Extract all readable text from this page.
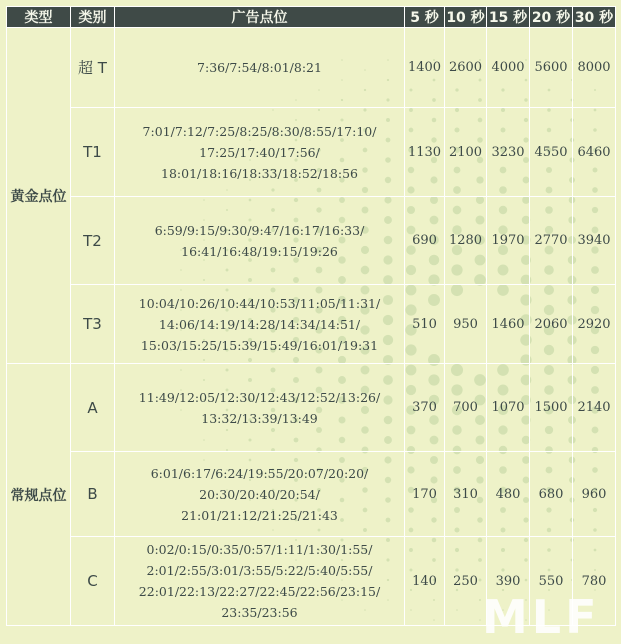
类型	类别	广告点位	5 秒	10 秒	15 秒	20 秒	30 秒
黄金点位	超 T	7:36/7:54/8:01/8:21	1400	2600	4000	5600	8000
	T1	7:01/7:12/7:25/8:25/8:30/8:55/17:10/
17:25/17:40/17:56/
18:01/18:16/18:33/18:52/18:56	1130	2100	3230	4550	6460
	T2	6:59/9:15/9:30/9:47/16:17/16:33/
16:41/16:48/19:15/19:26	690	1280	1970	2770	3940
	T3	10:04/10:26/10:44/10:53/11:05/11:31/
14:06/14:19/14:28/14:34/14:51/
15:03/15:25/15:39/15:49/16:01/19:31	510	950	1460	2060	2920
常规点位	A	11:49/12:05/12:30/12:43/12:52/13:26/
13:32/13:39/13:49	370	700	1070	1500	2140
	B	6:01/6:17/6:24/19:55/20:07/20:20/
20:30/20:40/20:54/
21:01/21:12/21:25/21:43	170	310	480	680	960
	C	0:02/0:15/0:35/0:57/1:11/1:30/1:55/
2:01/2:55/3:01/3:55/5:22/5:40/5:55/
22:01/22:13/22:27/22:45/22:56/23:15/
23:35/23:56	140	250	390	550	780
MLF
